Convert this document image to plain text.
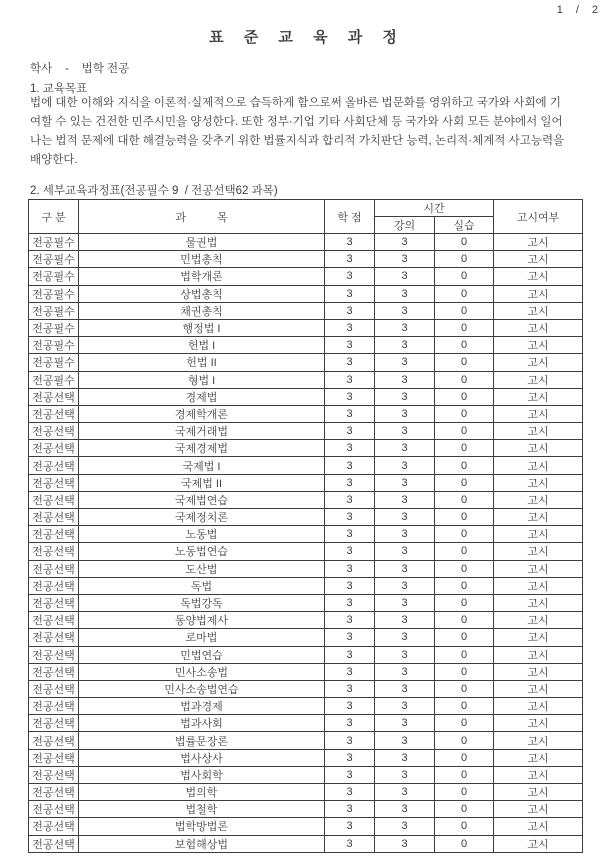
1 / 2
표 준 교 육 과 정
학사    -    법학 전공
1. 교육목표
법에 대한 이해와 지식을 이론적·실제적으로 습득하게 함으로써 올바른 법문화를 영위하고 국가와 사회에 기
여할 수 있는 건전한 민주시민을 양성한다. 또한 정부·기업 기타 사회단체 등 국가와 사회 모든 분야에서 일어
나는 법적 문제에 대한 해결능력을 갖추기 위한 법률지식과 합리적 가치판단 능력, 논리적·체계적 사고능력을
배양한다.
2. 세부교육과정표(전공필수 9  / 전공선택62 과목)
구 분	과 목	학 점	시간		고시여부
			강의	실습	
전공필수	물권법	3	3	0	고시
전공필수	민법총칙	3	3	0	고시
전공필수	법학개론	3	3	0	고시
전공필수	상법총칙	3	3	0	고시
전공필수	채권총칙	3	3	0	고시
전공필수	행정법 I	3	3	0	고시
전공필수	헌법 I	3	3	0	고시
전공필수	헌법 II	3	3	0	고시
전공필수	형법 I	3	3	0	고시
전공선택	경제법	3	3	0	고시
전공선택	경제학개론	3	3	0	고시
전공선택	국제거래법	3	3	0	고시
전공선택	국제경제법	3	3	0	고시
전공선택	국제법 I	3	3	0	고시
전공선택	국제법 II	3	3	0	고시
전공선택	국제법연습	3	3	0	고시
전공선택	국제정치론	3	3	0	고시
전공선택	노동법	3	3	0	고시
전공선택	노동법연습	3	3	0	고시
전공선택	도산법	3	3	0	고시
전공선택	독법	3	3	0	고시
전공선택	독법강독	3	3	0	고시
전공선택	동양법제사	3	3	0	고시
전공선택	로마법	3	3	0	고시
전공선택	민법연습	3	3	0	고시
전공선택	민사소송법	3	3	0	고시
전공선택	민사소송법연습	3	3	0	고시
전공선택	법과경제	3	3	0	고시
전공선택	법과사회	3	3	0	고시
전공선택	법률문장론	3	3	0	고시
전공선택	법사상사	3	3	0	고시
전공선택	법사회학	3	3	0	고시
전공선택	법의학	3	3	0	고시
전공선택	법철학	3	3	0	고시
전공선택	법학방법론	3	3	0	고시
전공선택	보험해상법	3	3	0	고시
